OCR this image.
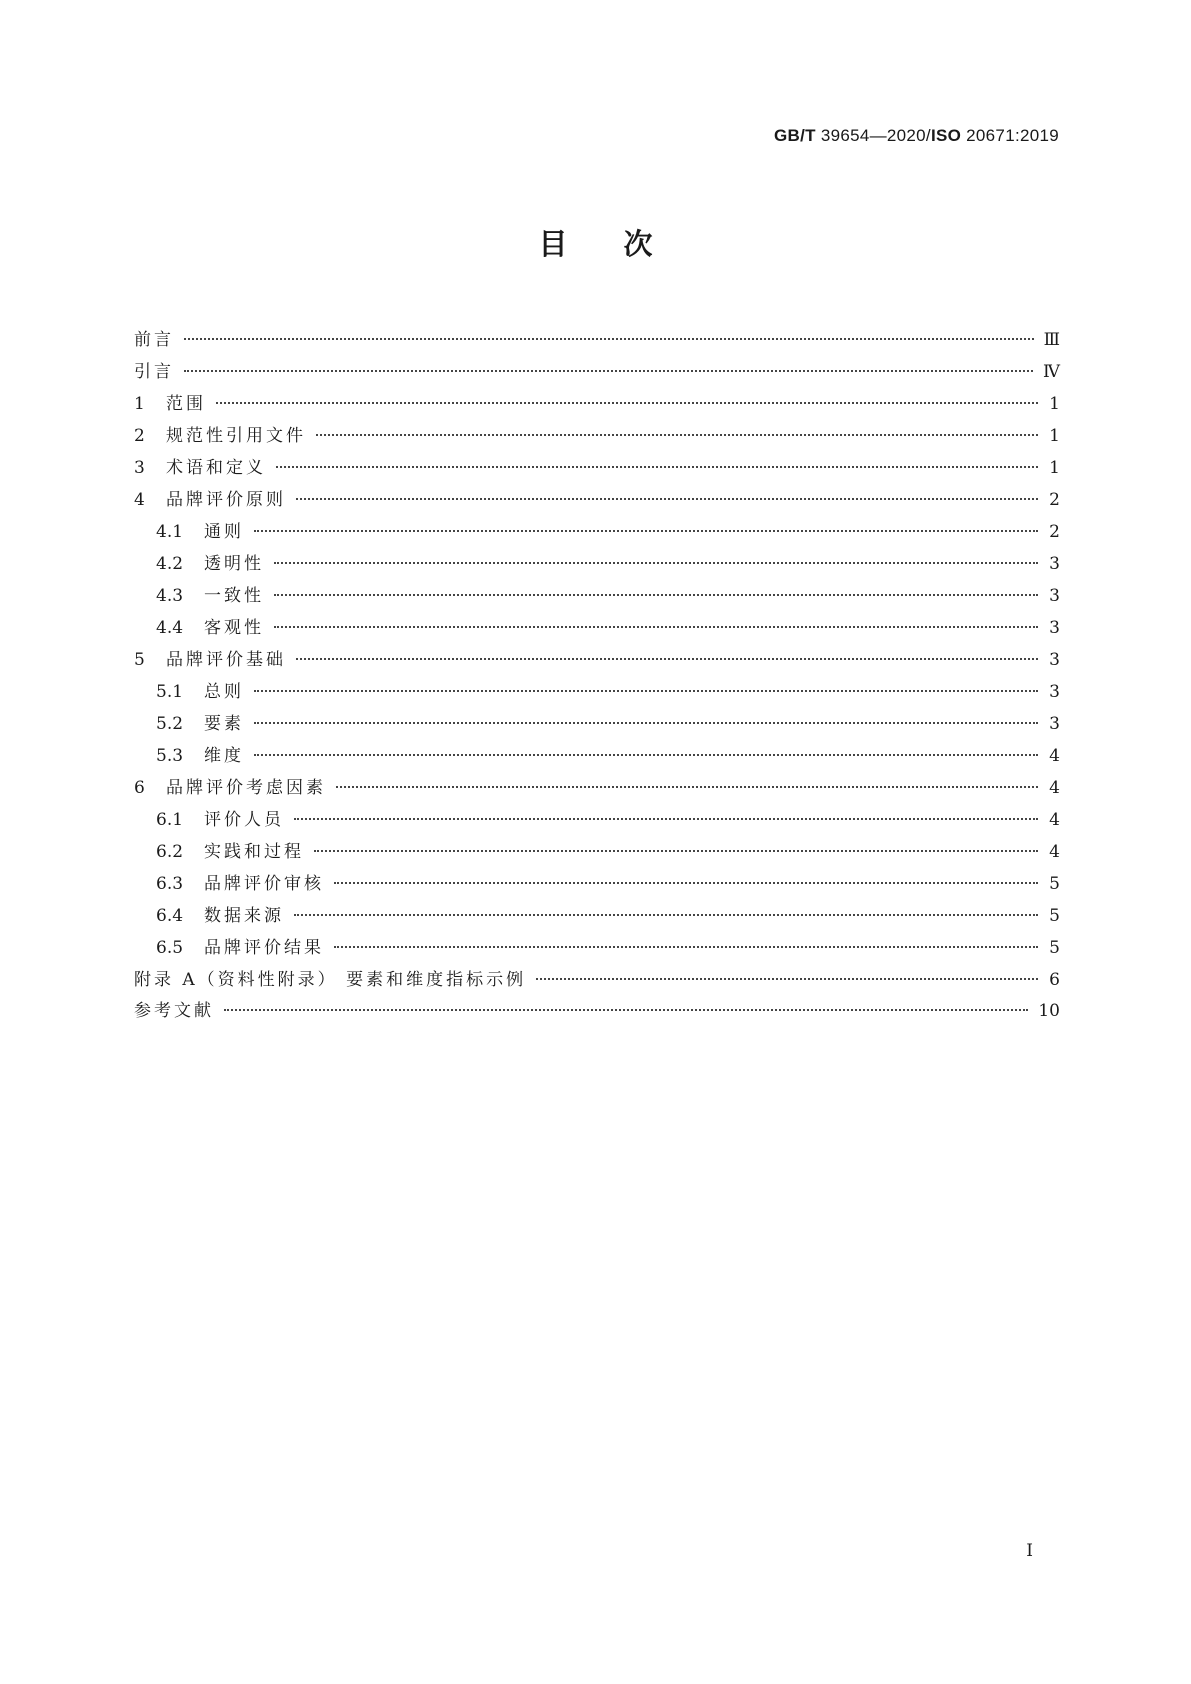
GB/T 39654—2020/ISO 20671:2019
目次
前言	Ⅲ
引言	Ⅳ
1	范围	1
2	规范性引用文件	1
3	术语和定义	1
4	品牌评价原则	2
4.1	通则	2
4.2	透明性	3
4.3	一致性	3
4.4	客观性	3
5	品牌评价基础	3
5.1	总则	3
5.2	要素	3
5.3	维度	4
6	品牌评价考虑因素	4
6.1	评价人员	4
6.2	实践和过程	4
6.3	品牌评价审核	5
6.4	数据来源	5
6.5	品牌评价结果	5
附录 A（资料性附录） 要素和维度指标示例	6
参考文献	10
I
